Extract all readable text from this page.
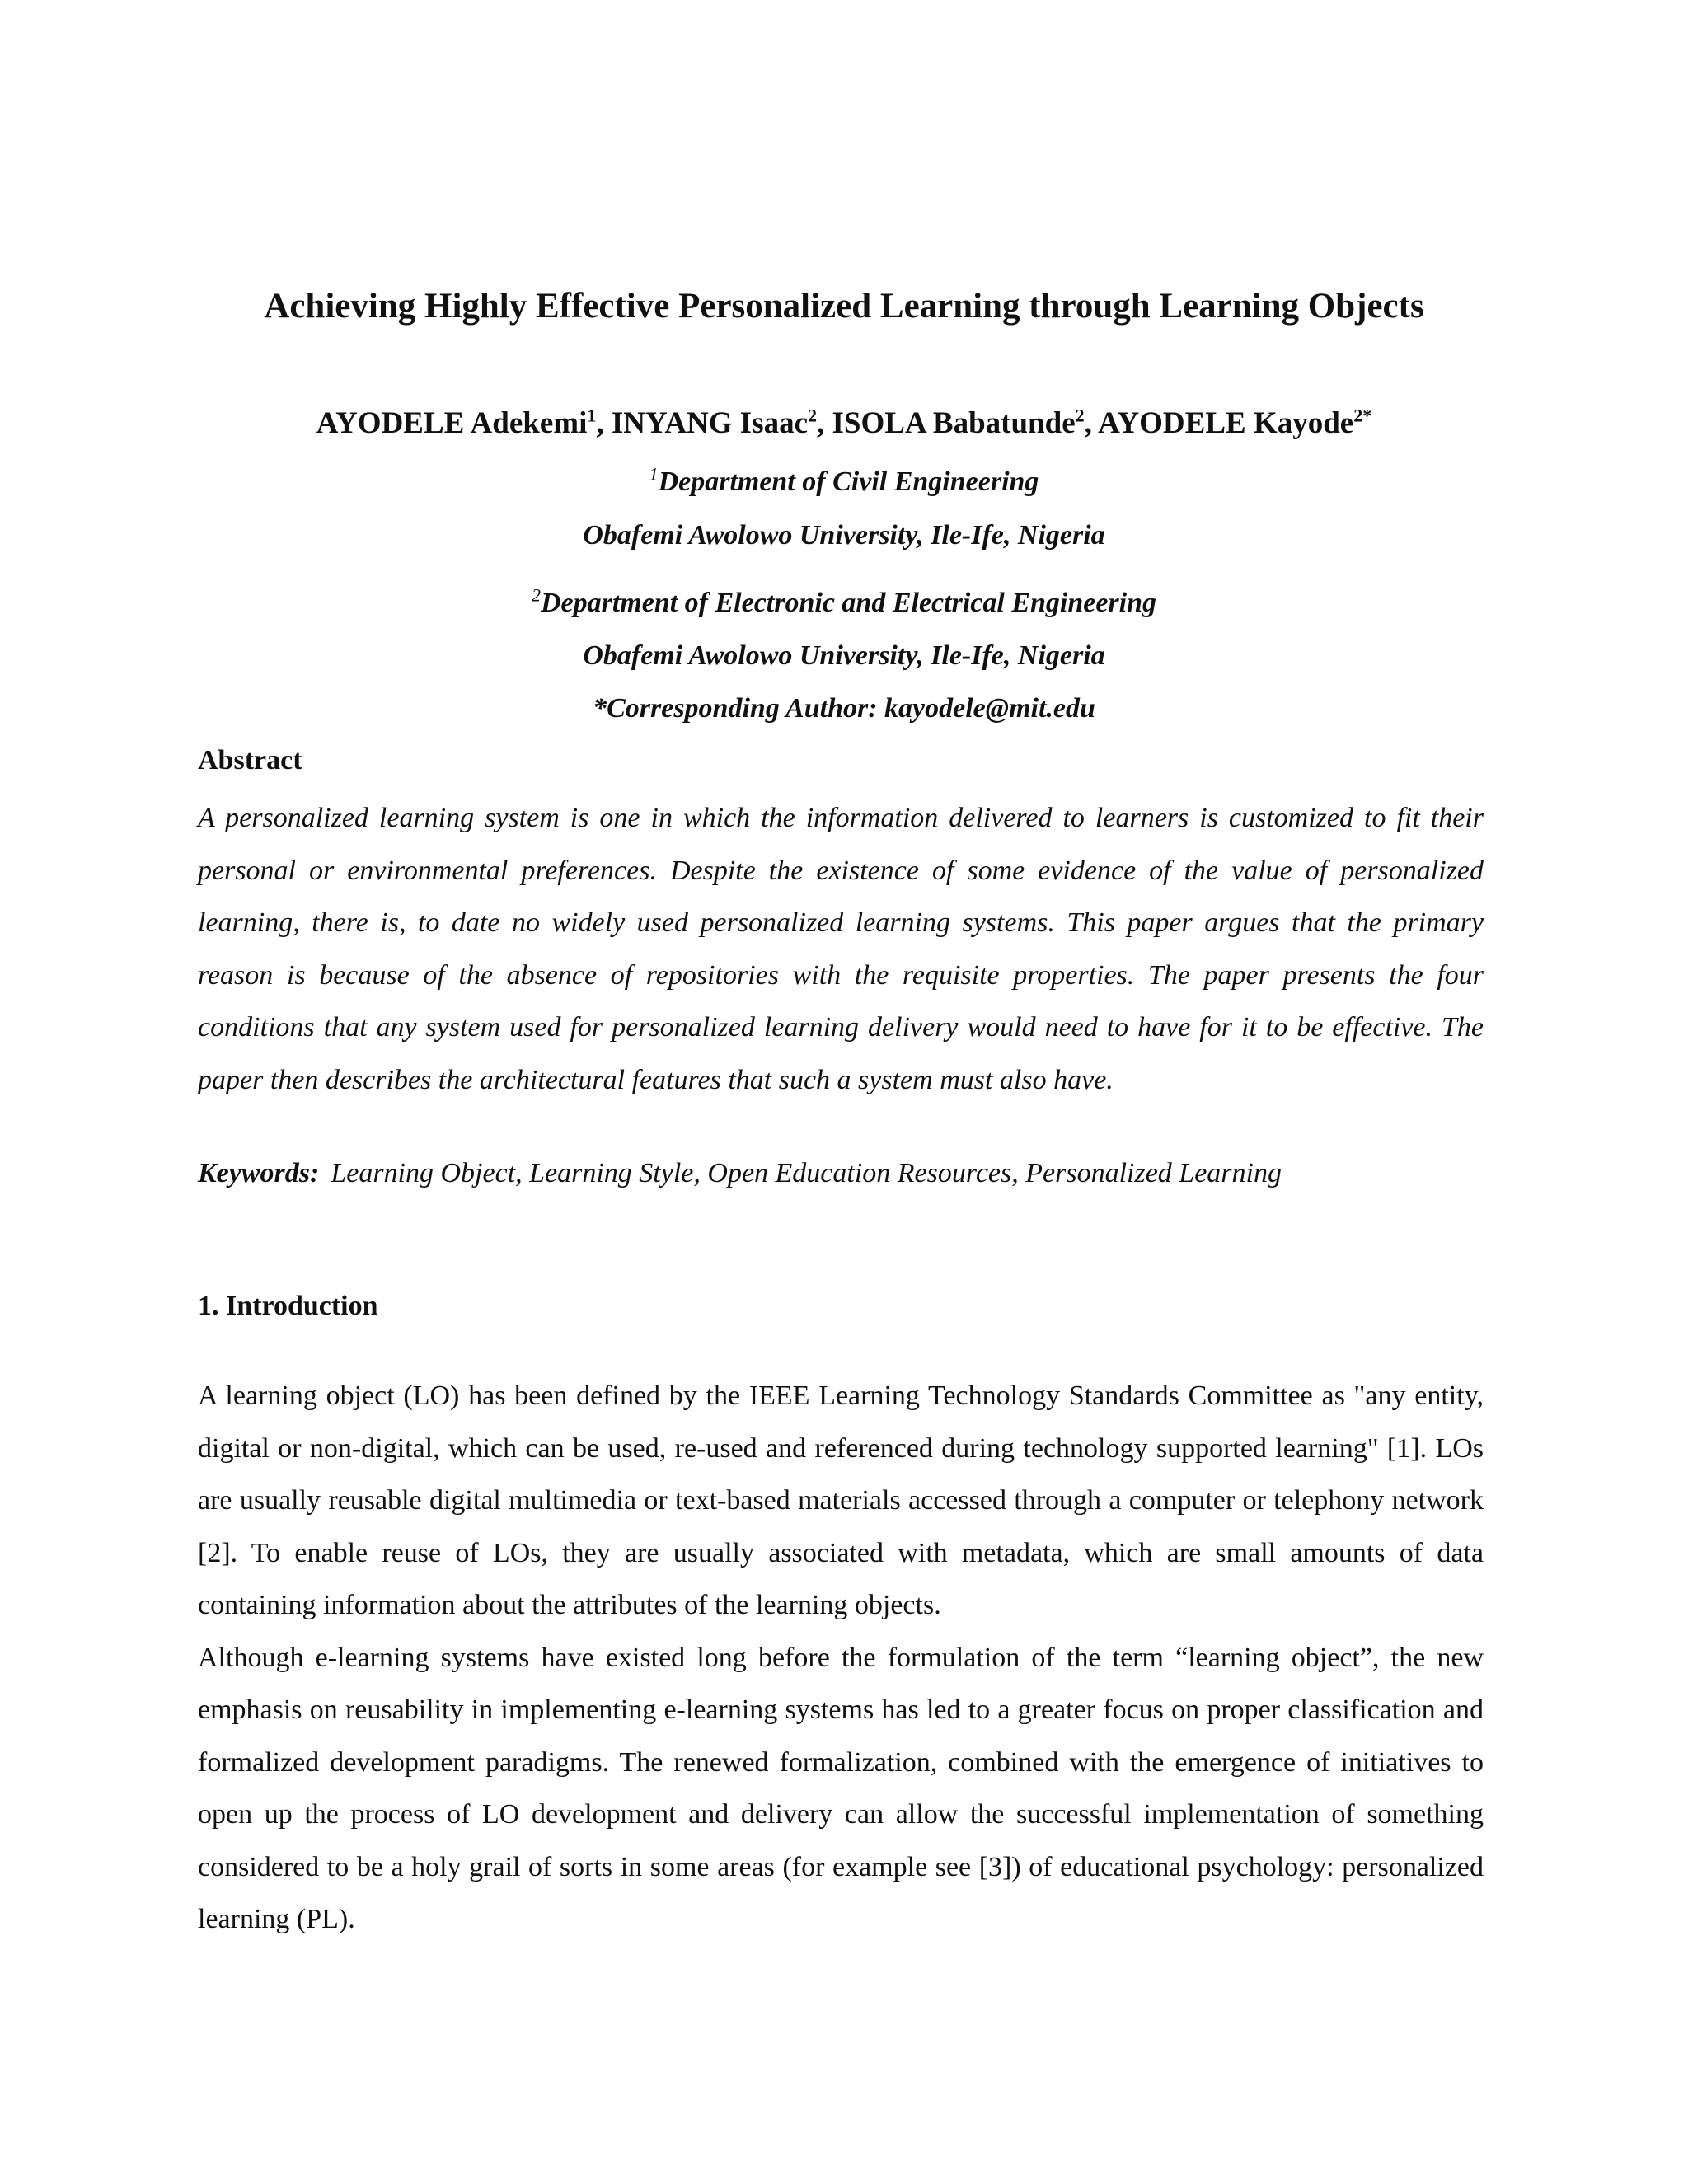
Achieving Highly Effective Personalized Learning through Learning Objects
AYODELE Adekemi$^1$, INYANG Isaac$^2$, ISOLA Babatunde$^2$, AYODELE Kayode$^{2*}$
$^1$Department of Civil Engineering
Obafemi Awolowo University, Ile-Ife, Nigeria
$^2$Department of Electronic and Electrical Engineering
Obafemi Awolowo University, Ile-Ife, Nigeria
*Corresponding Author: kayodele@mit.edu
Abstract
A personalized learning system is one in which the information delivered to learners is customized to fit their personal or environmental preferences. Despite the existence of some evidence of the value of personalized learning, there is, to date no widely used personalized learning systems. This paper argues that the primary reason is because of the absence of repositories with the requisite properties. The paper presents the four conditions that any system used for personalized learning delivery would need to have for it to be effective. The paper then describes the architectural features that such a system must also have.
Keywords: Learning Object, Learning Style, Open Education Resources, Personalized Learning
1. Introduction

A learning object (LO) has been defined by the IEEE Learning Technology Standards Committee as "any entity, digital or non-digital, which can be used, re-used and referenced during technology supported learning" [1]. LOs are usually reusable digital multimedia or text-based materials accessed through a computer or telephony network [2]. To enable reuse of LOs, they are usually associated with metadata, which are small amounts of data containing information about the attributes of the learning objects.

Although e-learning systems have existed long before the formulation of the term “learning object”, the new emphasis on reusability in implementing e-learning systems has led to a greater focus on proper classification and formalized development paradigms. The renewed formalization, combined with the emergence of initiatives to open up the process of LO development and delivery can allow the successful implementation of something considered to be a holy grail of sorts in some areas (for example see [3]) of educational psychology: personalized learning (PL).
